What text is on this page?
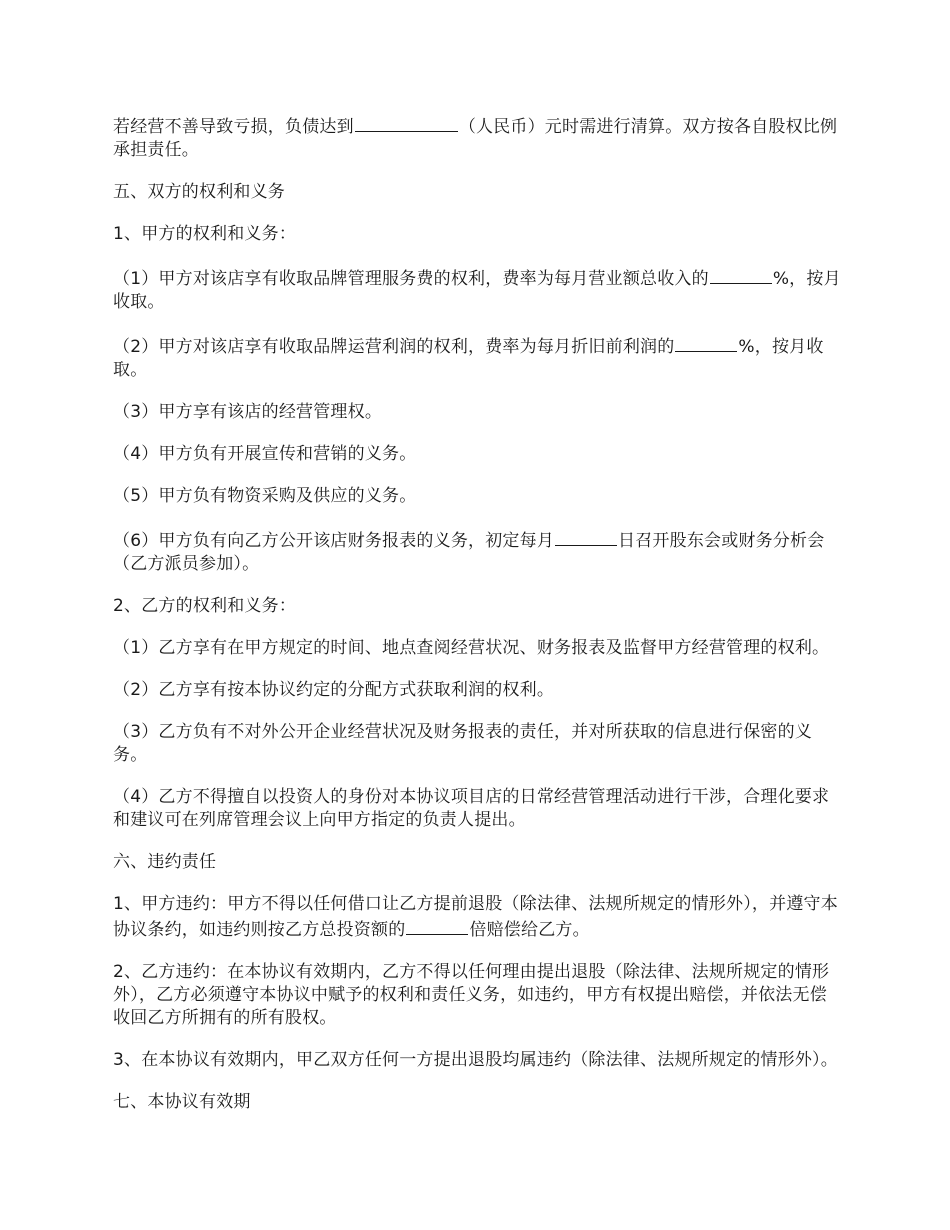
若经营不善导致亏损，负债达到	（人民币）元时需进行清算。双方按各自股权比例承担责任。

五、双方的权利和义务

1、甲方的权利和义务：

（1）甲方对该店享有收取品牌管理服务费的权利，费率为每月营业额总收入的	%，按月收取。

（2）甲方对该店享有收取品牌运营利润的权利，费率为每月折旧前利润的	%，按月收取。

（3）甲方享有该店的经营管理权。

（4）甲方负有开展宣传和营销的义务。

（5）甲方负有物资采购及供应的义务。

（6）甲方负有向乙方公开该店财务报表的义务，初定每月	日召开股东会或财务分析会（乙方派员参加）。

2、乙方的权利和义务：

（1）乙方享有在甲方规定的时间、地点查阅经营状况、财务报表及监督甲方经营管理的权利。

（2）乙方享有按本协议约定的分配方式获取利润的权利。

（3）乙方负有不对外公开企业经营状况及财务报表的责任，并对所获取的信息进行保密的义务。

（4）乙方不得擅自以投资人的身份对本协议项目店的日常经营管理活动进行干涉，合理化要求和建议可在列席管理会议上向甲方指定的负责人提出。

六、违约责任

1、甲方违约：甲方不得以任何借口让乙方提前退股（除法律、法规所规定的情形外），并遵守本协议条约，如违约则按乙方总投资额的	倍赔偿给乙方。

2、乙方违约：在本协议有效期内，乙方不得以任何理由提出退股（除法律、法规所规定的情形外），乙方必须遵守本协议中赋予的权利和责任义务，如违约，甲方有权提出赔偿，并依法无偿收回乙方所拥有的所有股权。

3、在本协议有效期内，甲乙双方任何一方提出退股均属违约（除法律、法规所规定的情形外）。

七、本协议有效期
